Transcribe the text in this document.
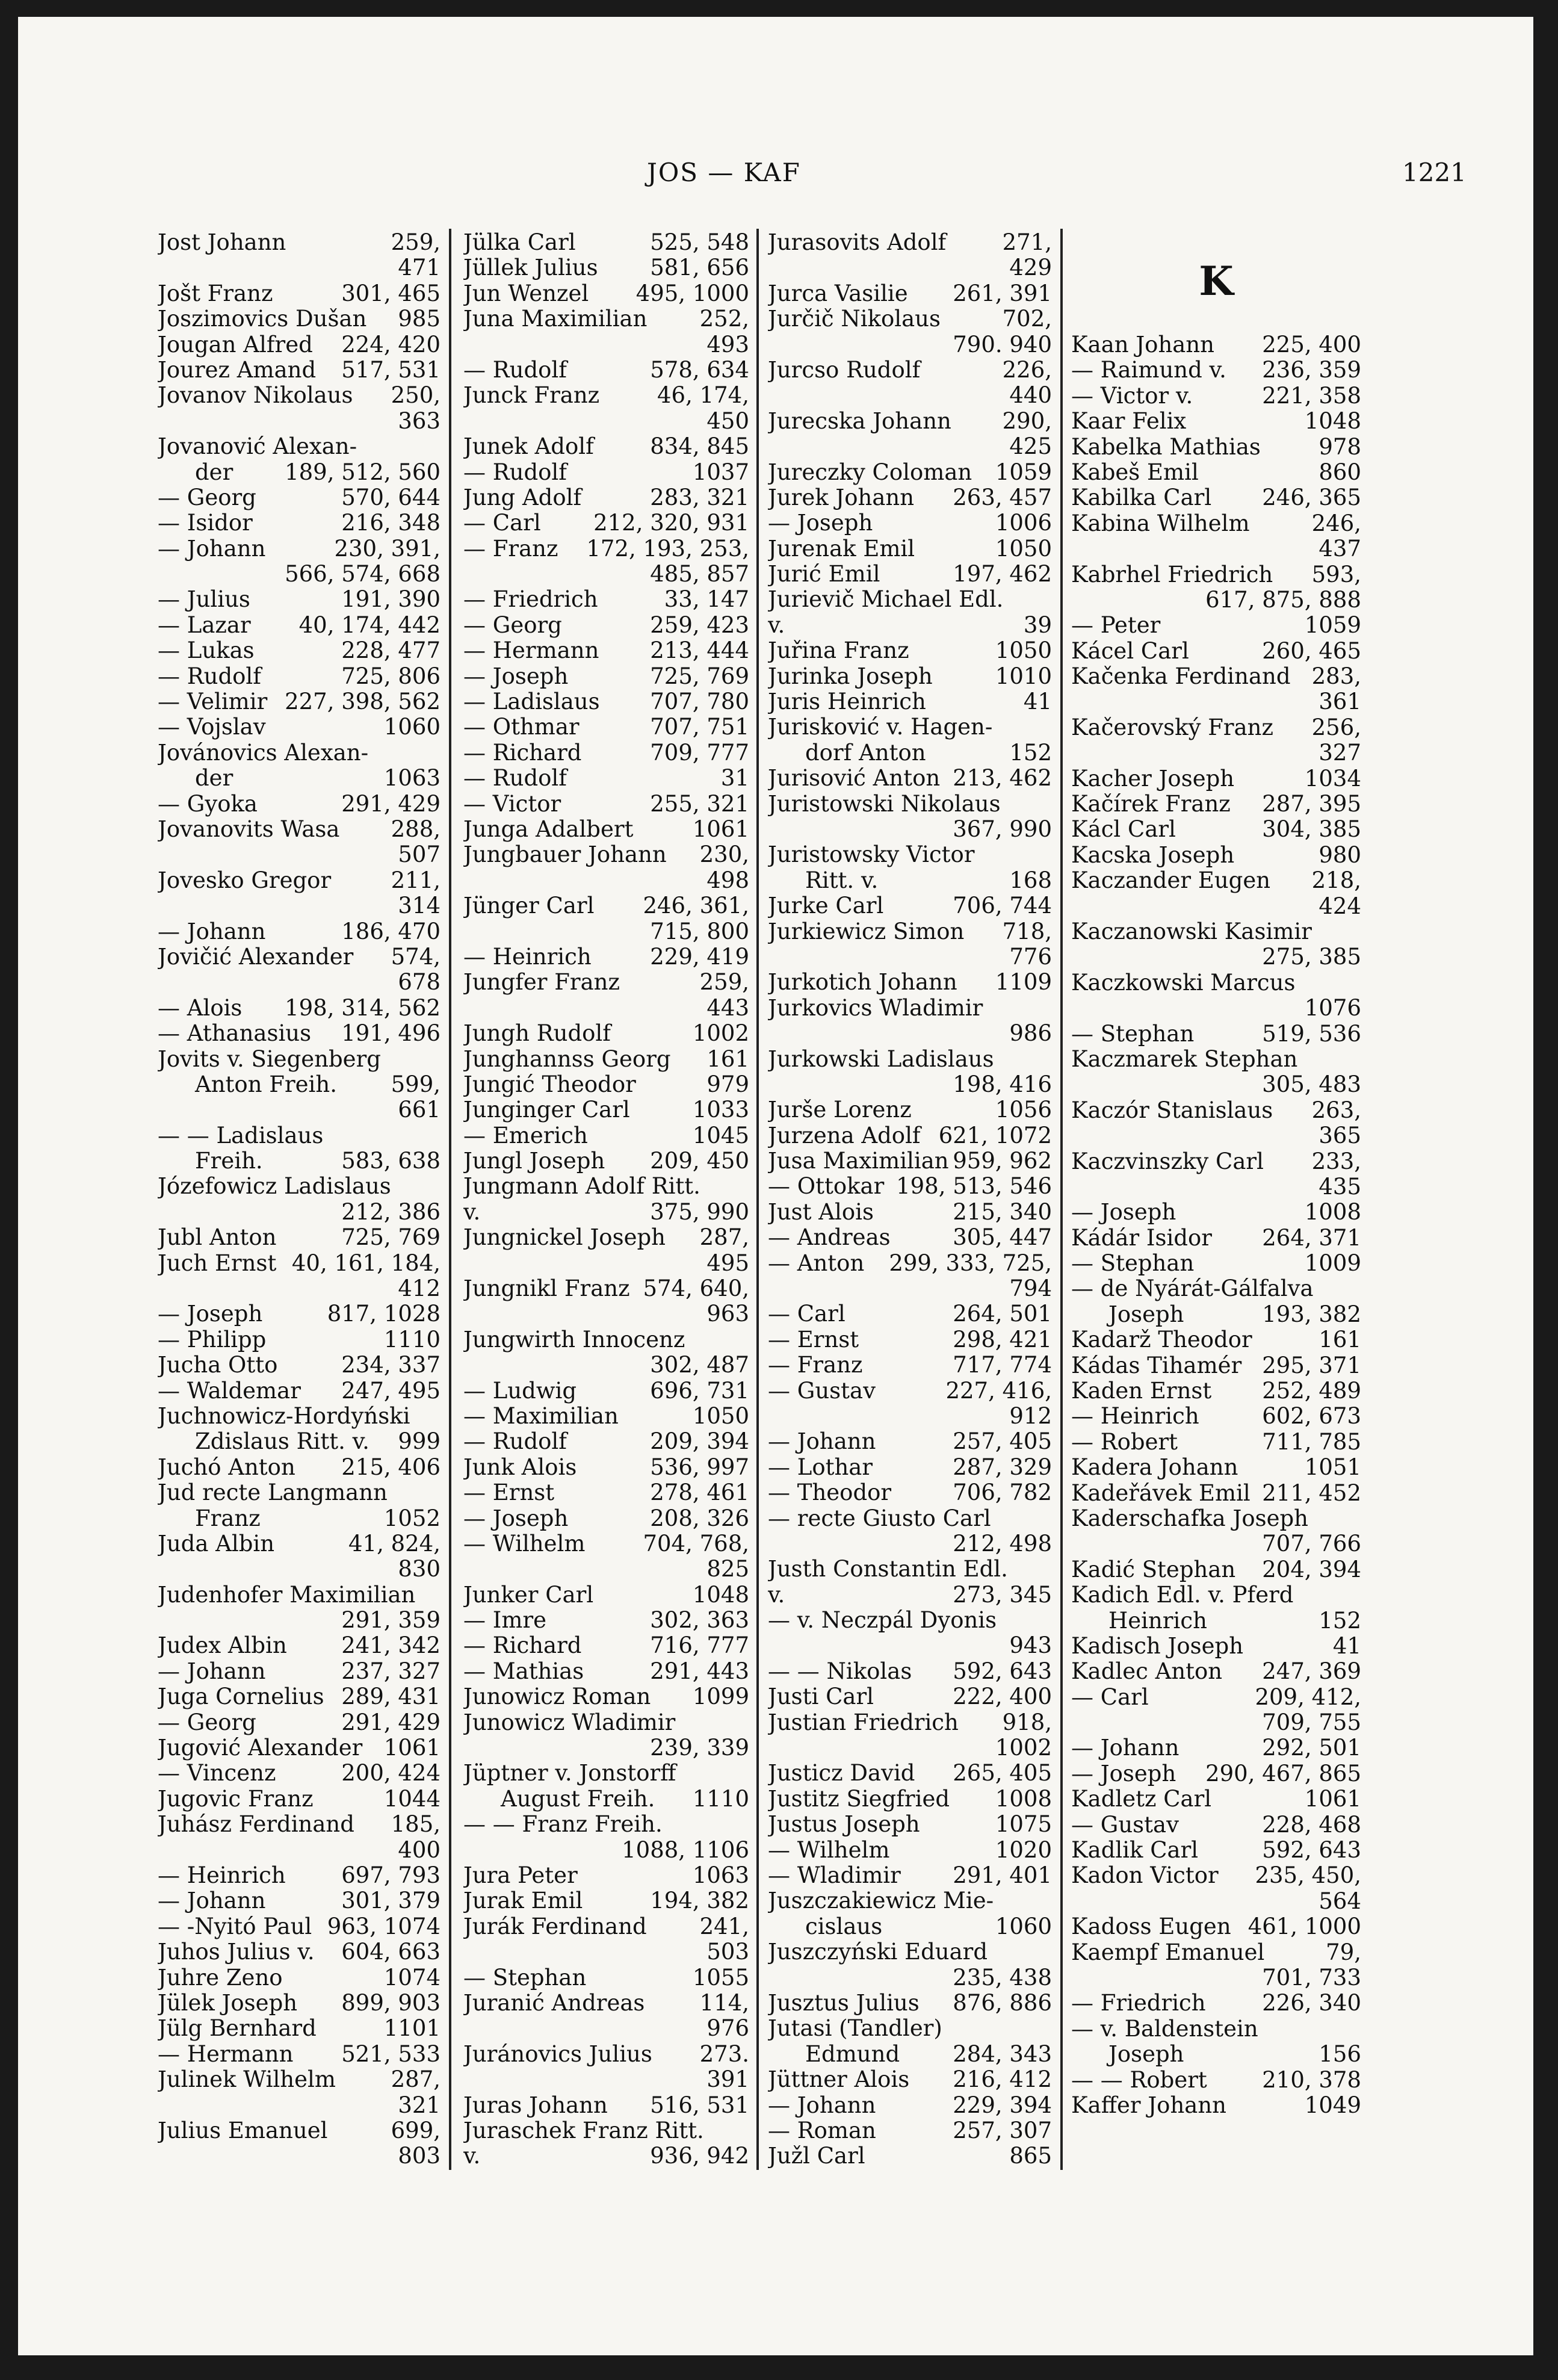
JOS — KAF	1221
Jost Johann	259,
471
Jošt Franz	301, 465
Joszimovics Dušan 985
Jougan Alfred 224, 420
Jourez Amand 517, 531
Jovanov Nikolaus 250,
363
Jovanović Alexan-
der 189, 512, 560
— Georg	570, 644
— Isidor	216, 348
— Johann	230, 391,
566, 574, 668
— Julius	191, 390
— Lazar 40, 174, 442
— Lukas	228, 477
— Rudolf	725, 806
— Velimir 227, 398, 562
— Vojslav	1060
Jovánovics Alexan-
der	1063
— Gyoka	291, 429
Jovanovits Wasa 288,
507
Jovesko Gregor	211,
314
— Johann	186, 470
Jovičić Alexander 574,
678
— Alois 198, 314, 562
— Athanasius 191, 496
Jovits v. Siegenberg
Anton Freih. 599,
661
— — Ladislaus
Freih.	583, 638
Józefowicz Ladislaus
212, 386
Jubl Anton	725, 769
Juch Ernst 40, 161, 184,
412
— Joseph	817, 1028
— Philipp	1110
Jucha Otto	234, 337
— Waldemar 247, 495
Juchnowicz-Hordyński
Zdislaus Ritt. v. 999
Juchó Anton 215, 406
Jud recte Langmann
Franz	1052
Juda Albin	41, 824,
830
Judenhofer Maximilian
291, 359
Judex Albin 241, 342
— Johann	237, 327
Juga Cornelius 289, 431
— Georg	291, 429
Jugović Alexander 1061
— Vincenz	200, 424
Jugovic Franz	1044
Juhász Ferdinand 185,
400
— Heinrich	697, 793
— Johann	301, 379
— -Nyitó Paul 963, 1074
Juhos Julius v. 604, 663
Juhre Zeno	1074
Jülek Joseph 899, 903
Jülg Bernhard	1101
— Hermann 521, 533
Julinek Wilhelm 287,
321
Julius Emanuel	699,
803
Jülka Carl	525, 548
Jüllek Julius 581, 656
Jun Wenzel 495, 1000
Juna Maximilian 252,
493
— Rudolf	578, 634
Junck Franz	46, 174,
450
Junek Adolf	834, 845
— Rudolf	1037
Jung Adolf	283, 321
— Carl 212, 320, 931
— Franz 172, 193, 253,
485, 857
— Friedrich	33, 147
— Georg	259, 423
— Hermann 213, 444
— Joseph	725, 769
— Ladislaus 707, 780
— Othmar	707, 751
— Richard	709, 777
— Rudolf	31
— Victor	255, 321
Junga Adalbert	1061
Jungbauer Johann 230,
498
Jünger Carl 246, 361,
715, 800
— Heinrich	229, 419
Jungfer Franz	259,
443
Jungh Rudolf	1002
Junghannss Georg 161
Jungić Theodor	979
Junginger Carl	1033
— Emerich	1045
Jungl Joseph 209, 450
Jungmann Adolf Ritt.
v.	375, 990
Jungnickel Joseph 287,
495
Jungnikl Franz 574, 640,
963
Jungwirth Innocenz
302, 487
— Ludwig	696, 731
— Maximilian	1050
— Rudolf	209, 394
Junk Alois	536, 997
— Ernst	278, 461
— Joseph	208, 326
— Wilhelm	704, 768,
825
Junker Carl	1048
— Imre	302, 363
— Richard	716, 777
— Mathias	291, 443
Junowicz Roman 1099
Junowicz Wladimir
239, 339
Jüptner v. Jonstorff
August Freih. 1110
— — Franz Freih.
1088, 1106
Jura Peter	1063
Jurak Emil	194, 382
Jurák Ferdinand 241,
503
— Stephan	1055
Juranić Andreas 114,
976
Juránovics Julius 273.
391
Juras Johann 516, 531
Juraschek Franz Ritt.
v.	936, 942
Jurasovits Adolf	271,
429
Jurca Vasilie 261, 391
Jurčič Nikolaus	702,
790. 940
Jurcso Rudolf	226,
440
Jurecska Johann 290,
425
Jureczky Coloman 1059
Jurek Johann 263, 457
— Joseph	1006
Jurenak Emil	1050
Jurić Emil	197, 462
Jurievič Michael Edl.
v.	39
Juřina Franz	1050
Jurinka Joseph	1010
Juris Heinrich	41
Jurisković v. Hagen-
dorf Anton	152
Jurisović Anton 213, 462
Juristowski Nikolaus
367, 990
Juristowsky Victor
Ritt. v.	168
Jurke Carl	706, 744
Jurkiewicz Simon 718,
776
Jurkotich Johann 1109
Jurkovics Wladimir
986
Jurkowski Ladislaus
198, 416
Jurše Lorenz	1056
Jurzena Adolf 621, 1072
Jusa Maximilian 959, 962
— Ottokar 198, 513, 546
Just Alois	215, 340
— Andreas	305, 447
— Anton 299, 333, 725,
794
— Carl	264, 501
— Ernst	298, 421
— Franz	717, 774
— Gustav	227, 416,
912
— Johann	257, 405
— Lothar	287, 329
— Theodor	706, 782
— recte Giusto Carl
212, 498
Justh Constantin Edl.
v.	273, 345
— v. Neczpál Dyonis
943
— — Nikolas 592, 643
Justi Carl	222, 400
Justian Friedrich 918,
1002
Justicz David 265, 405
Justitz Siegfried 1008
Justus Joseph	1075
— Wilhelm	1020
— Wladimir 291, 401
Juszczakiewicz Mie-
cislaus	1060
Juszczyński Eduard
235, 438
Jusztus Julius 876, 886
Jutasi (Tandler)
Edmund 284, 343
Jüttner Alois 216, 412
— Johann	229, 394
— Roman	257, 307
Južl Carl	865
K
Kaan Johann 225, 400
— Raimund v. 236, 359
— Victor v.	221, 358
Kaar Felix	1048
Kabelka Mathias	978
Kabeš Emil	860
Kabilka Carl 246, 365
Kabina Wilhelm	246,
437
Kabrhel Friedrich 593,
617, 875, 888
— Peter	1059
Kácel Carl	260, 465
Kačenka Ferdinand 283,
361
Kačerovský Franz 256,
327
Kacher Joseph	1034
Kačírek Franz 287, 395
Kácl Carl	304, 385
Kacska Joseph	980
Kaczander Eugen 218,
424
Kaczanowski Kasimir
275, 385
Kaczkowski Marcus
1076
— Stephan	519, 536
Kaczmarek Stephan
305, 483
Kaczór Stanislaus 263,
365
Kaczvinszky Carl 233,
435
— Joseph	1008
Kádár Isidor 264, 371
— Stephan	1009
— de Nyárát-Gálfalva
Joseph	193, 382
Kadarž Theodor	161
Kádas Tihamér 295, 371
Kaden Ernst 252, 489
— Heinrich	602, 673
— Robert	711, 785
Kadera Johann	1051
Kadeřávek Emil 211, 452
Kaderschafka Joseph
707, 766
Kadić Stephan 204, 394
Kadich Edl. v. Pferd
Heinrich	152
Kadisch Joseph	41
Kadlec Anton 247, 369
— Carl	209, 412,
709, 755
— Johann	292, 501
— Joseph 290, 467, 865
Kadletz Carl	1061
— Gustav	228, 468
Kadlik Carl	592, 643
Kadon Victor 235, 450,
564
Kadoss Eugen 461, 1000
Kaempf Emanuel	79,
701, 733
— Friedrich	226, 340
— v. Baldenstein
Joseph	156
— — Robert 210, 378
Kaffer Johann	1049
